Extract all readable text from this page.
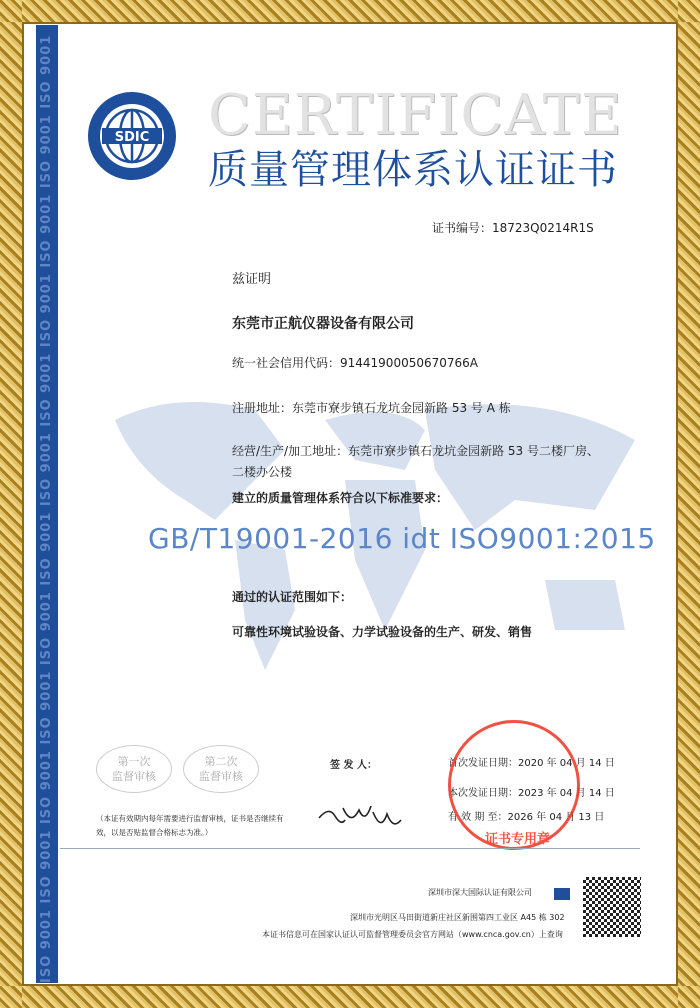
ISO 9001 ISO 9001 ISO 9001 ISO 9001 ISO 9001 ISO 9001 ISO 9001 ISO 9001 ISO 9001 ISO 9001 ISO 9001 ISO 9001	SDIC CERTIFICATE
质量管理体系认证证书
证书编号：18723Q0214R1S
兹证明
东莞市正航仪器设备有限公司
统一社会信用代码：91441900050670766A
注册地址：东莞市寮步镇石龙坑金园新路 53 号 A 栋
经营/生产/加工地址：东莞市寮步镇石龙坑金园新路 53 号二楼厂房、
二楼办公楼
建立的质量管理体系符合以下标准要求：
GB/T19001-2016 idt ISO9001:2015
通过的认证范围如下：
可靠性环境试验设备、力学试验设备的生产、研发、销售
第一次
监督审核
第二次
监督审核
（本证有效期内每年需要进行监督审核，证书是否继续有
效，以是否贴监督合格标志为准。）
签 发 人：	首次发证日期：2020 年 04 月 14 日
本次发证日期：2023 年 04 月 14 日
有 效 期 至：2026 年 04 月 13 日
证书专用章
深圳市深大国际认证有限公司
深圳市光明区马田街道新庄社区新围第四工业区 A45 栋 302
本证书信息可在国家认证认可监督管理委员会官方网站（www.cnca.gov.cn）上查询
